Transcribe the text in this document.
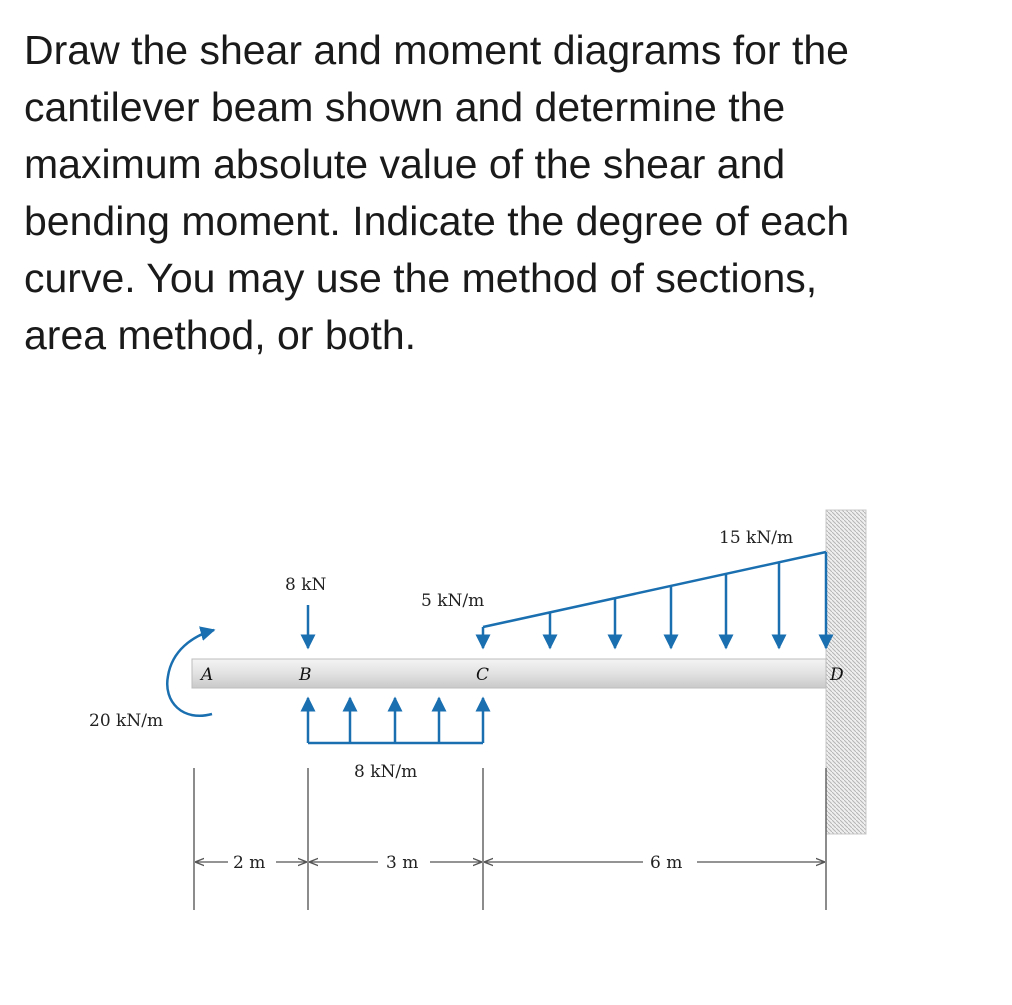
Draw the shear and moment diagrams for the
cantilever beam shown and determine the
maximum absolute value of the shear and
bending moment. Indicate the degree of each
curve. You may use the method of sections,
area method, or both.
A	B	C	D
20 kN/m
8 kN
5 kN/m
15 kN/m
8 kN/m
2 m	3 m	6 m
